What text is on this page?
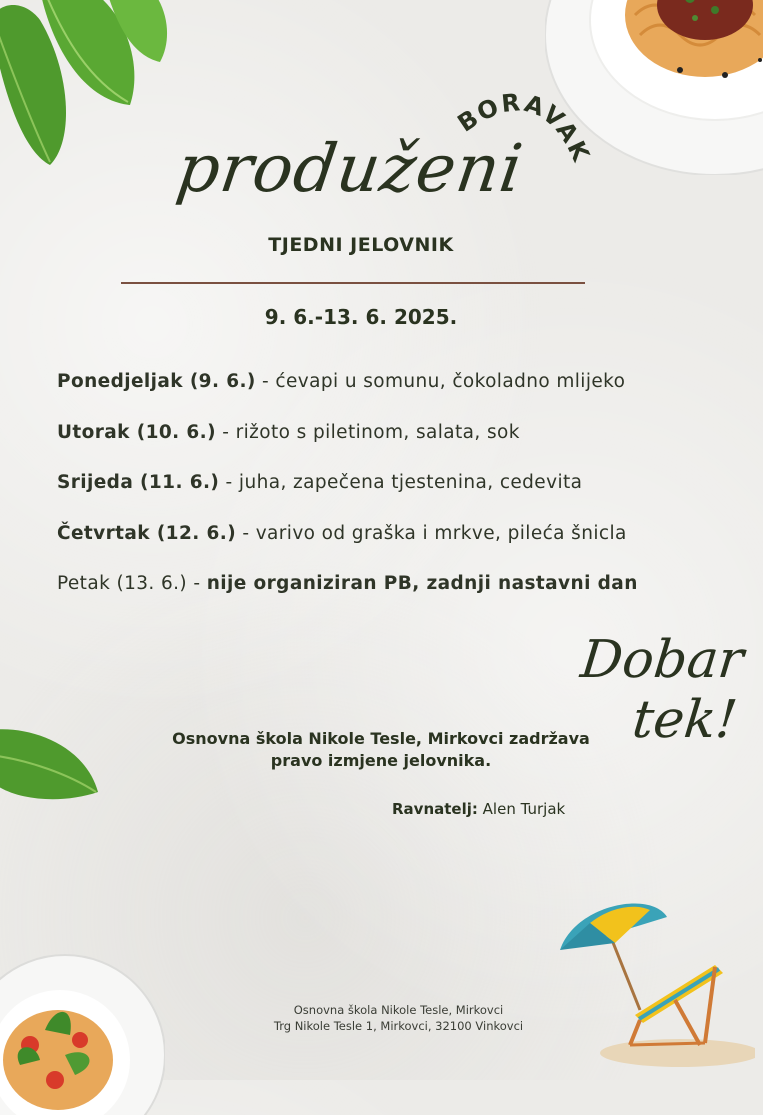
BORAVAK
produženi
TJEDNI JELOVNIK
9. 6.-13. 6. 2025.
Ponedjeljak (9. 6.) - ćevapi u somunu, čokoladno mlijeko
Utorak (10. 6.) - rižoto s piletinom, salata, sok
Srijeda (11. 6.) - juha, zapečena tjestenina, cedevita
Četvrtak (12. 6.) - varivo od graška i mrkve, pileća šnicla
Petak (13. 6.) - nije organiziran PB, zadnji nastavni dan
Dobar tek!
Osnovna škola Nikole Tesle, Mirkovci zadržava
pravo izmjene jelovnika.
Ravnatelj: Alen Turjak
Osnovna škola Nikole Tesle, Mirkovci
Trg Nikole Tesle 1, Mirkovci, 32100 Vinkovci
